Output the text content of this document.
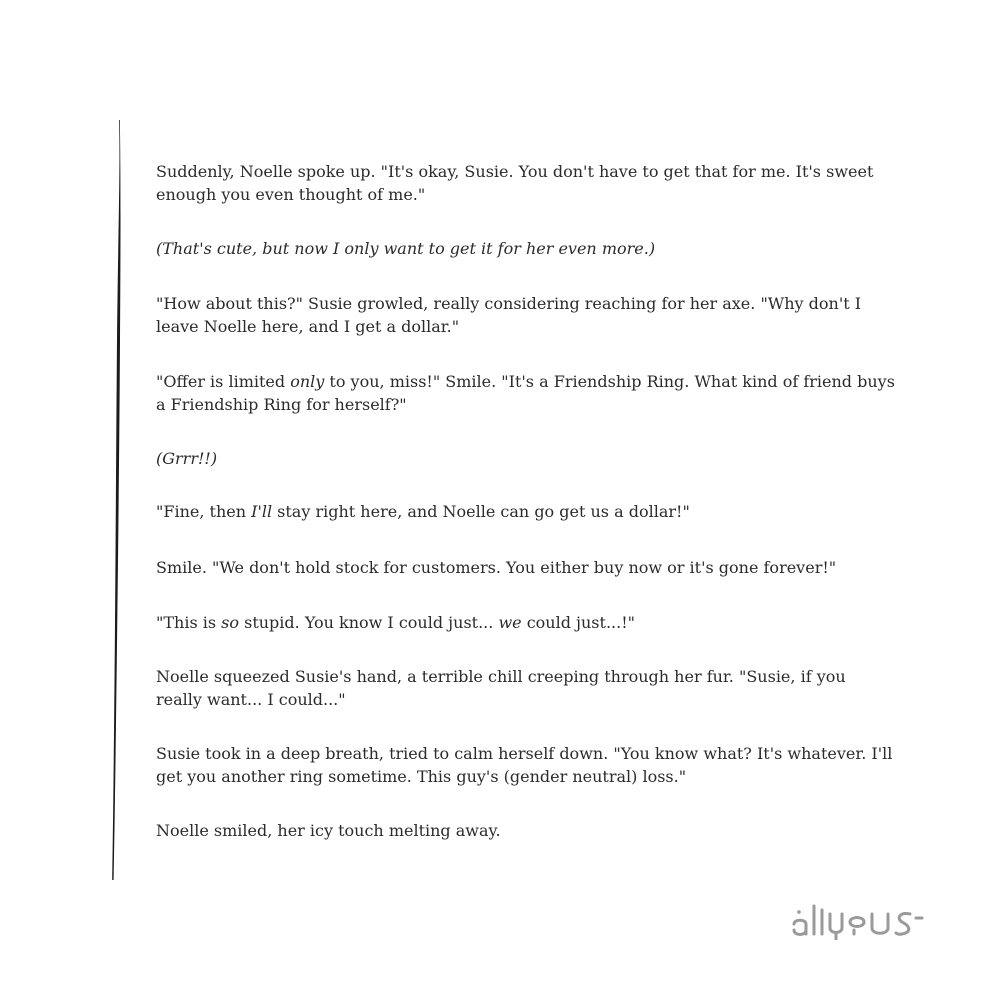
Suddenly, Noelle spoke up. "It's okay, Susie. You don't have to get that for me. It's sweet enough you even thought of me."

(That's cute, but now I only want to get it for her even more.)

"How about this?" Susie growled, really considering reaching for her axe. "Why don't I leave Noelle here, and I get a dollar."

"Offer is limited only to you, miss!" Smile. "It's a Friendship Ring. What kind of friend buys a Friendship Ring for herself?"

(Grrr!!)

"Fine, then I'll stay right here, and Noelle can go get us a dollar!"

Smile. "We don't hold stock for customers. You either buy now or it's gone forever!"

"This is so stupid. You know I could just... we could just...!"

Noelle squeezed Susie's hand, a terrible chill creeping through her fur. "Susie, if you really want... I could..."

Susie took in a deep breath, tried to calm herself down. "You know what? It's whatever. I'll get you another ring sometime. This guy's (gender neutral) loss."

Noelle smiled, her icy touch melting away.
